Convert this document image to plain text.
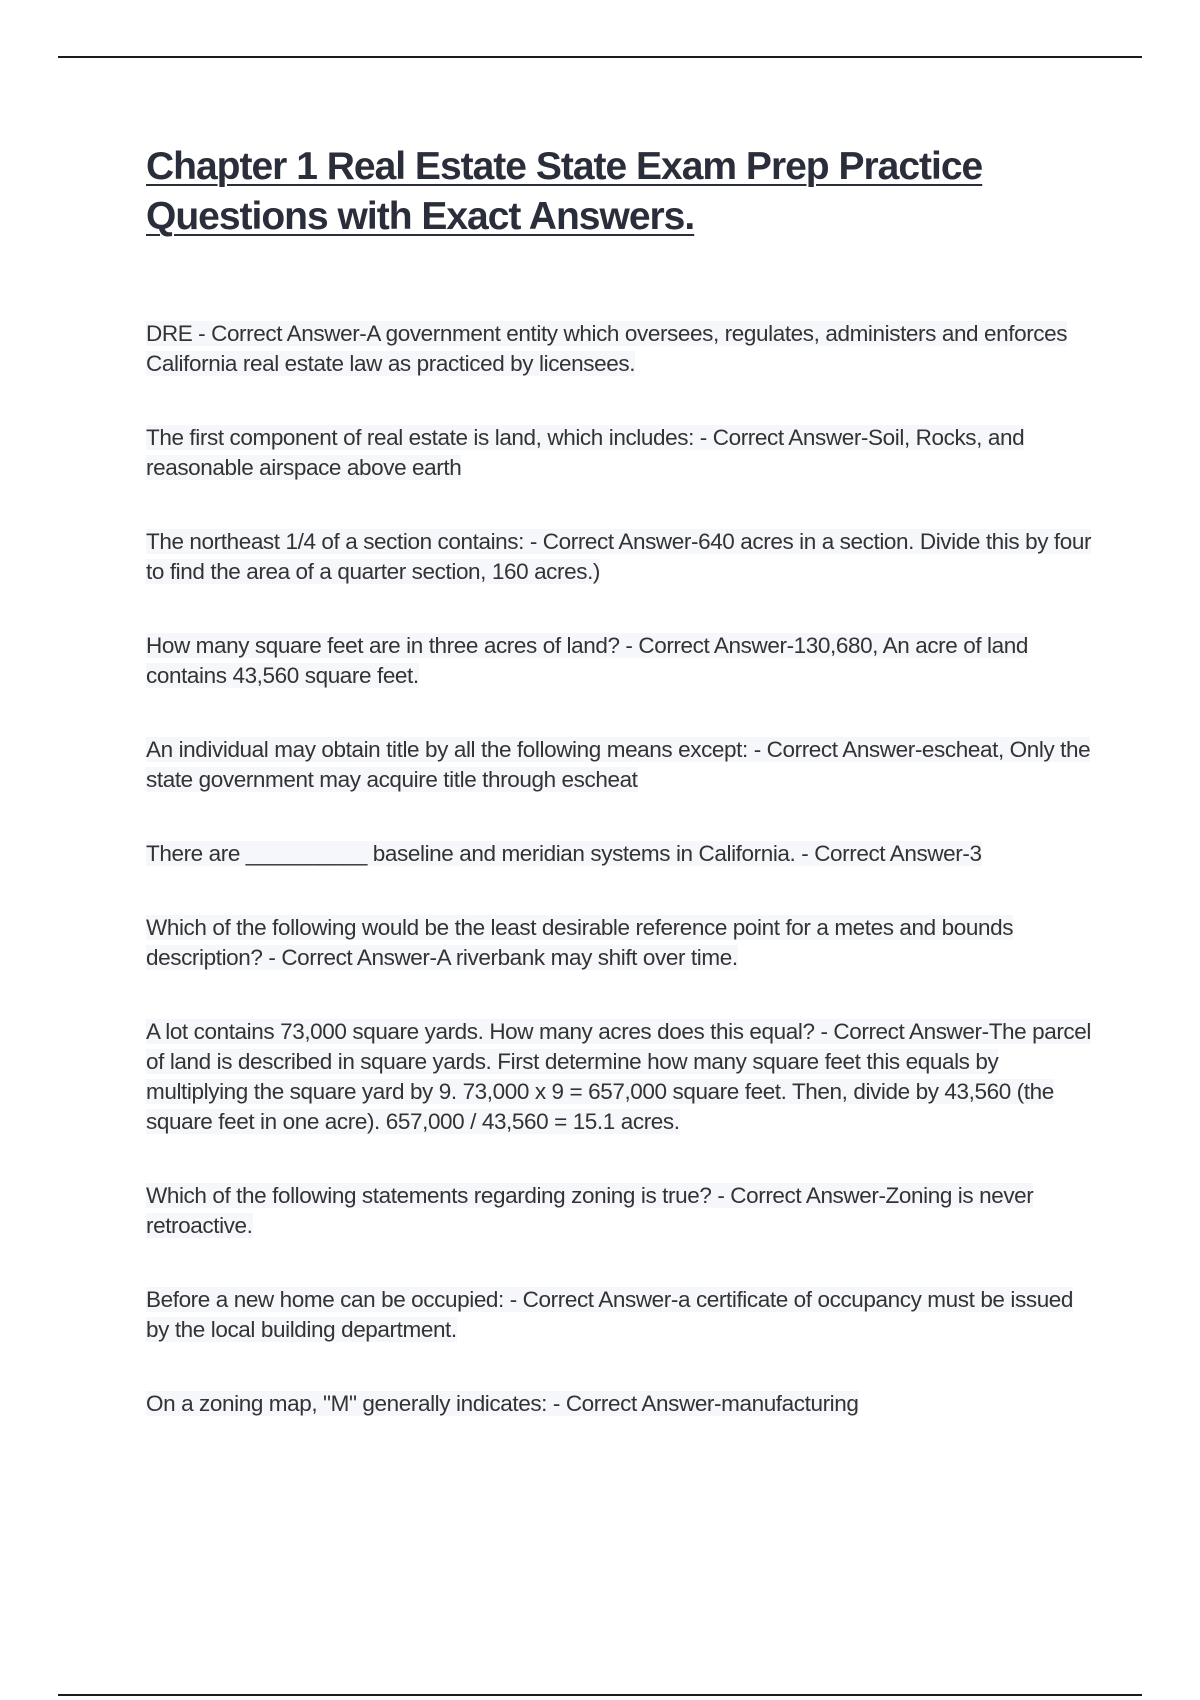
Chapter 1 Real Estate State Exam Prep Practice Questions with Exact Answers.

DRE - Correct Answer-A government entity which oversees, regulates, administers and enforces California real estate law as practiced by licensees.

The first component of real estate is land, which includes: - Correct Answer-Soil, Rocks, and reasonable airspace above earth

The northeast 1/4 of a section contains: - Correct Answer-640 acres in a section. Divide this by four to find the area of a quarter section, 160 acres.)

How many square feet are in three acres of land? - Correct Answer-130,680, An acre of land contains 43,560 square feet.

An individual may obtain title by all the following means except: - Correct Answer-escheat, Only the state government may acquire title through escheat

There are __________ baseline and meridian systems in California. - Correct Answer-3

Which of the following would be the least desirable reference point for a metes and bounds description? - Correct Answer-A riverbank may shift over time.

A lot contains 73,000 square yards. How many acres does this equal? - Correct Answer-The parcel of land is described in square yards. First determine how many square feet this equals by multiplying the square yard by 9. 73,000 x 9 = 657,000 square feet. Then, divide by 43,560 (the square feet in one acre). 657,000 / 43,560 = 15.1 acres.

Which of the following statements regarding zoning is true? - Correct Answer-Zoning is never retroactive.

Before a new home can be occupied: - Correct Answer-a certificate of occupancy must be issued by the local building department.

On a zoning map, "M" generally indicates: - Correct Answer-manufacturing
